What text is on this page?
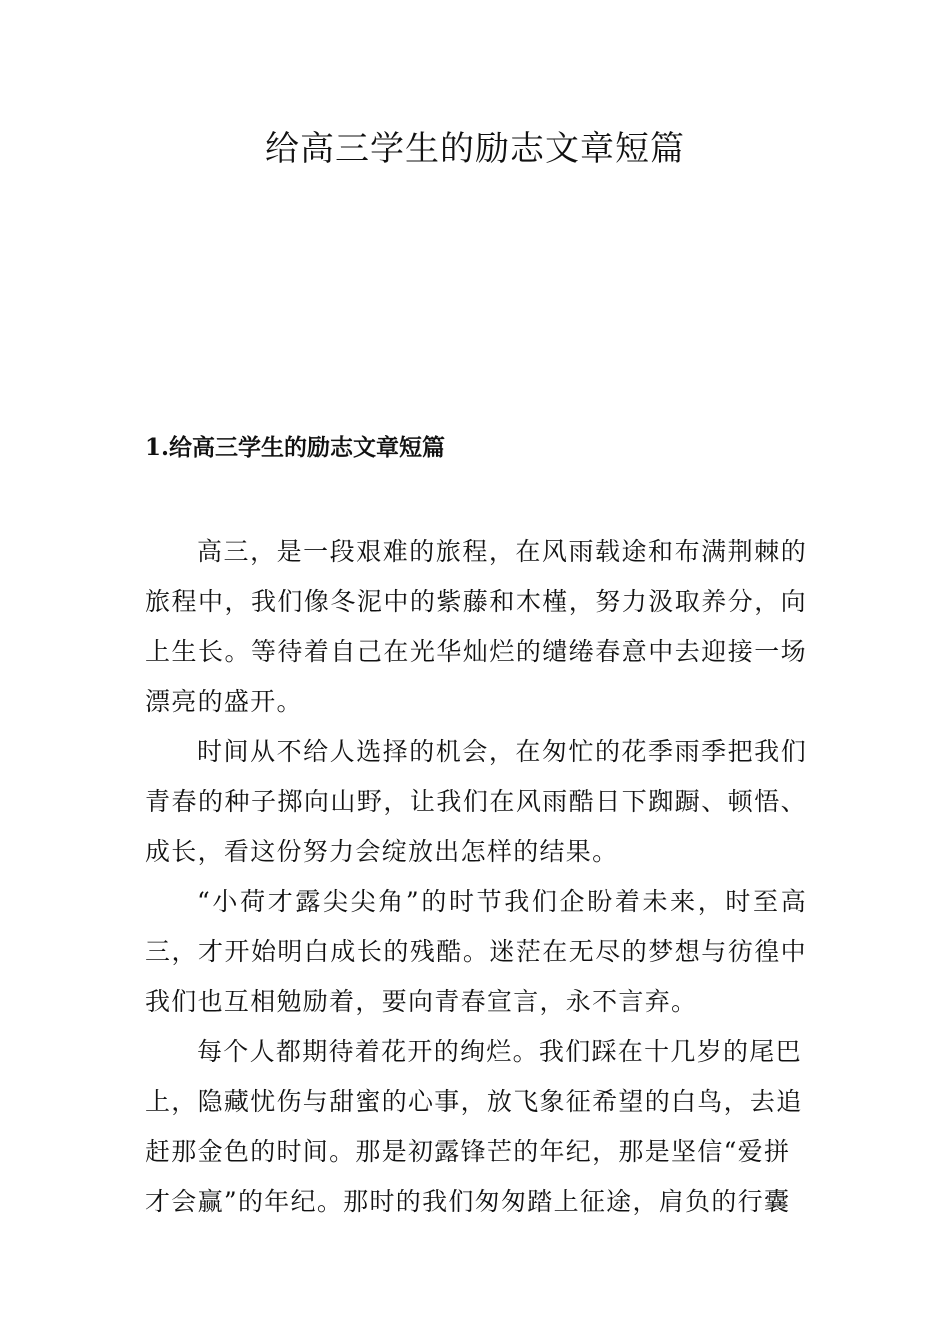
给高三学生的励志文章短篇
1.给高三学生的励志文章短篇

高三，是一段艰难的旅程，在风雨载途和布满荆棘的旅程中，我们像冬泥中的紫藤和木槿，努力汲取养分，向上生长。等待着自己在光华灿烂的缱绻春意中去迎接一场漂亮的盛开。

时间从不给人选择的机会，在匆忙的花季雨季把我们青春的种子掷向山野，让我们在风雨酷日下踟蹰、顿悟、成长，看这份努力会绽放出怎样的结果。

“小荷才露尖尖角”的时节我们企盼着未来，时至高三，才开始明白成长的残酷。迷茫在无尽的梦想与彷徨中我们也互相勉励着，要向青春宣言，永不言弃。

每个人都期待着花开的绚烂。我们踩在十几岁的尾巴上，隐藏忧伤与甜蜜的心事，放飞象征希望的白鸟，去追赶那金色的时间。那是初露锋芒的年纪，那是坚信“爱拼才会赢”的年纪。那时的我们匆匆踏上征途，肩负的行囊
